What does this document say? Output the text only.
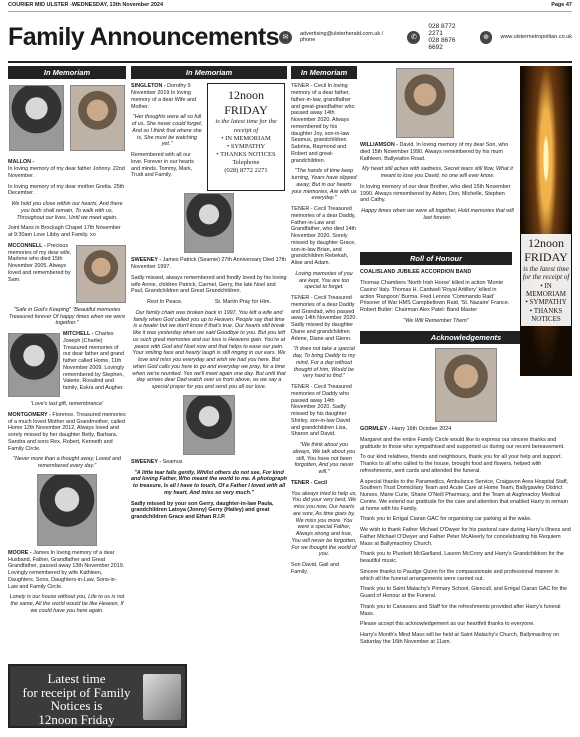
COURIER MID ULSTER -WEDNESDAY, 13th November 2024	Page 47
Family Announcements ✉	advertising@ulsterherald.com.uk / phone	✆
028 8772 2271
028 8676 6692
⊕	www.ulstermetropolitan.co.uk
In Memoriam

MALLON -
In loving memory of my dear father Johnny. 22nd November.

In loving memory of my dear mother Gretta. 25th December.

We hold you close within our hearts, And there you both shall remain, To walk with us, Throughout our lives, Until we meet again.

Joint Mass in Brockagh Chapel 17th November at 9:30am Love Libby and Family. xo

MCCONNELL - Precious memories of my dear wife, Marlene who died 15th November 2005. Always loved and remembered by Sam.

"Safe in God's Keeping" "Beautiful memories Treasured forever Of happy times when we were together."

MITCHELL - Charles Joseph (Charlie) Treasured memories of our dear father and grand father called Home, 11th November 2009. Lovingly remembered by Stephen, Valerie, Rosalind and family, Eskra and Augher.

'Love's last gift, remembrance'

MONTGOMERY - Florence. Treasured memories of a much loved Mother and Grandmother, called Home 12th November 2012. Always loved and sorely missed by her daughter Betty, Barbara, Sandra and sons Rex, Robert, Kenneth and Family Circle.

"Never more than a thought away, Loved and remembered every day."

MOORE - James In loving memory of a dear Husband, Father, Grandfather and Great Grandfather, passed away 13th November 2019. Lovingly remembered by wife Kathleen, Daughters, Sons, Daughters-in-Law, Sons-in-Law and Family Circle.

Lonely is our house without you, Life to us is not the same, All the world would be like Heaven, If we could have you here again.

Latest time
for receipt of Family
Notices is
12noon Friday
In Memoriam

SINGLETON - Dorothy 9 November 2019 In loving memory of a dear Wife and Mother.

"Her thoughts were all so full of us, She never could forget, And so I think that where she is, She must be watching yet."

Remembered with all our love. Forever in our hearts and minds. Tommy, Mark, Trudi and Family.

12noon
FRIDAY
is the latest time for the receipt of
• IN MEMORIAM
• SYMPATHY
• THANKS NOTICES
Telephone
(028) 8772 2271

SWEENEY - James Patrick (Seamie) 27th Anniversary Died 17th November 1997.

Sadly missed, always remembered and fondly loved by his loving wife Annie, children Patrick, Carmel, Gerry, the late Noel and Paul, Grandchildren and Great Grandchildren.

Rest In Peace.	St. Martin Pray for Him.

Our family chain was broken back in 1997, You left a wife and family when God called you up to Heaven. People say that time is a healer but we don't know if that's true. Our hearts still break like it was yesterday when we said Goodbye to you. But you left us such great memories and our loss is Heavens gain. You're at peace with God and Noel now and that helps to ease our pain. Your smiling face and hearty laugh is still ringing in our ears. We love and miss you everyday and wish we had you here. But when God calls you here to go and everyday we pray, for a time when we're reunited. Yes we'll meet again one day. But until that day arrives dear Dad watch over us from above, as we say a special prayer for you and send you all our love.

SWEENEY - Seamus

"A little tear falls gently, Whilst others do not see, For kind and loving Father, Who meant the world to me. A photograph to treasure, Is all I have to touch, Of a Father I loved with all my heart, And miss so very much."

Sadly missed by your son Gerry, daughter-in-law Paula, grandchildren Latoya (Jonny) Gerry (Hailey) and great grandchildren Grace and Ethan R.I.P.

In Memoriam

TENER - Cecil In loving memory of a dear father, father-in-law, grandfather and great-grandfather who passed away 14th November 2020. Always remembered by his daughter Joy, son-in-law Seamus, grandchildren Sabrina, Raymond and Robert and great-grandchildren.

"The hands of time keep turning, Years have slipped away; But in our hearts your memories, Are with us everyday."

TENER - Cecil Treasured memories of a dear Daddy, Father-in-Law and Grandfather, who died 14th November 2020. Sorely missed by daughter Grace, son-in-law Brian, and grandchildren Rebekah, Alise and Adam.

Loving memories of you are kept, You are too special to forget.

TENER - Cecil Treasured memories of a dear Daddy and Grandad, who passed away 14th November 2020. Sadly missed by daughter Diane and grandchildren Arlene, Diane and Glenn.

"It does not take a special day, To bring Daddy to my mind, For a day without thought of him, Would be very hard to find."

TENER - Cecil Treasured memories of Daddy who passed away 14th November 2020. Sadly missed by his daughter Shirley, son-in-law David and grandchildren Lisa, Sharon and David.

"We think about you always, We talk about you still, You have not been forgotten, And you never will."

TENER - Cecil

You always tried to help us, You did your very best, We miss you now, Our hearts are sore, As time goes by, We miss you more. You were a special Father, Always strong and true, You will never be forgotten, For we thought the world of you.

Son David, Gail and Family.

WILLIAMSON - David. In loving memory of my dear Son, who died 15th November 1990. Always remembered by his mum Kathleen. Ballyeafon Road.

My heart still aches with sadness, Secret tears still flow, What it meant to lose you David, no one will ever know.

In loving memory of our dear Brother, who died 15th November 1990. Always remembered by Aiden, Don, Michelle, Stephen and Cathy.

Happy times when we were all together, Hold memories that will last forever.

12noon
FRIDAY
is the latest time for the receipt of
• IN MEMORIAM
• SYMPATHY
• THANKS NOTICES
Roll of Honour

COALISLAND JUBILEE ACCORDION BAND

Thomas Chambers 'North Irish Horse' killed in action 'Monte Casino' Italy. Thomas H. Cardwell 'Royal Artillery' killed in action 'Rangoon' Burma. Fred Lennox 'Commando Raid' Prisoner of War HMS Campbeltown Raid, 'St. Nazaire' France. Robert Butler: Chairman Alex Patel: Band Master

"We Will Remember Them"

Acknowledgements

GORMLEY - Harry 16th October 2024

Margaret and the entire Family Circle would like to express our sincere thanks and gratitude to those who sympathised and supported us during our recent bereavement.

To our kind relatives, friends and neighbours, thank you for all your help and support. Thanks to all who called to the house, brought food and flowers, helped with refreshments, sent cards and attended the funeral.

A special thanks to the Paramedics, Ambulance Service, Craigavon Area Hospital Staff, Southern Trust Domiciliary Team and Acute Care at Home Team, Ballygawley District Nurses, Marie Curie, Shane O'Neill Pharmacy, and the Team at Aughnacloy Medical Centre. We extend our gratitude for the care and attention that enabled Harry to remain at home with his Family.

Thank you to Errigal Ciaran GAC for organising car parking at the wake.

We wish to thank Father Michael O'Dwyer for his pastoral care during Harry's illness and Father Michael O'Dwyer and Father Peter McAleerly for concelebrating his Requiem Mass at Ballymacilroy Church.

Thank you to Plunkett McGarlland, Lauren McCrory and Harry's Grandchildren for the beautiful music.

Sincere thanks to Paudge Quinn for the compassionate and professional manner in which all the funeral arrangements were carried out.

Thank you to Saint Malachy's Primary School, Glencull, and Errigal Ciaran GAC for the Guard of Honour at the Funeral.

Thank you to Canavans and Staff for the refreshments provided after Harry's funeral Mass.

Please accept this acknowledgement as our heartfelt thanks to everyone.

Harry's Month's Mind Mass will be held at Saint Malachy's Church, Ballymacilroy on Saturday the 16th November at 11am.
